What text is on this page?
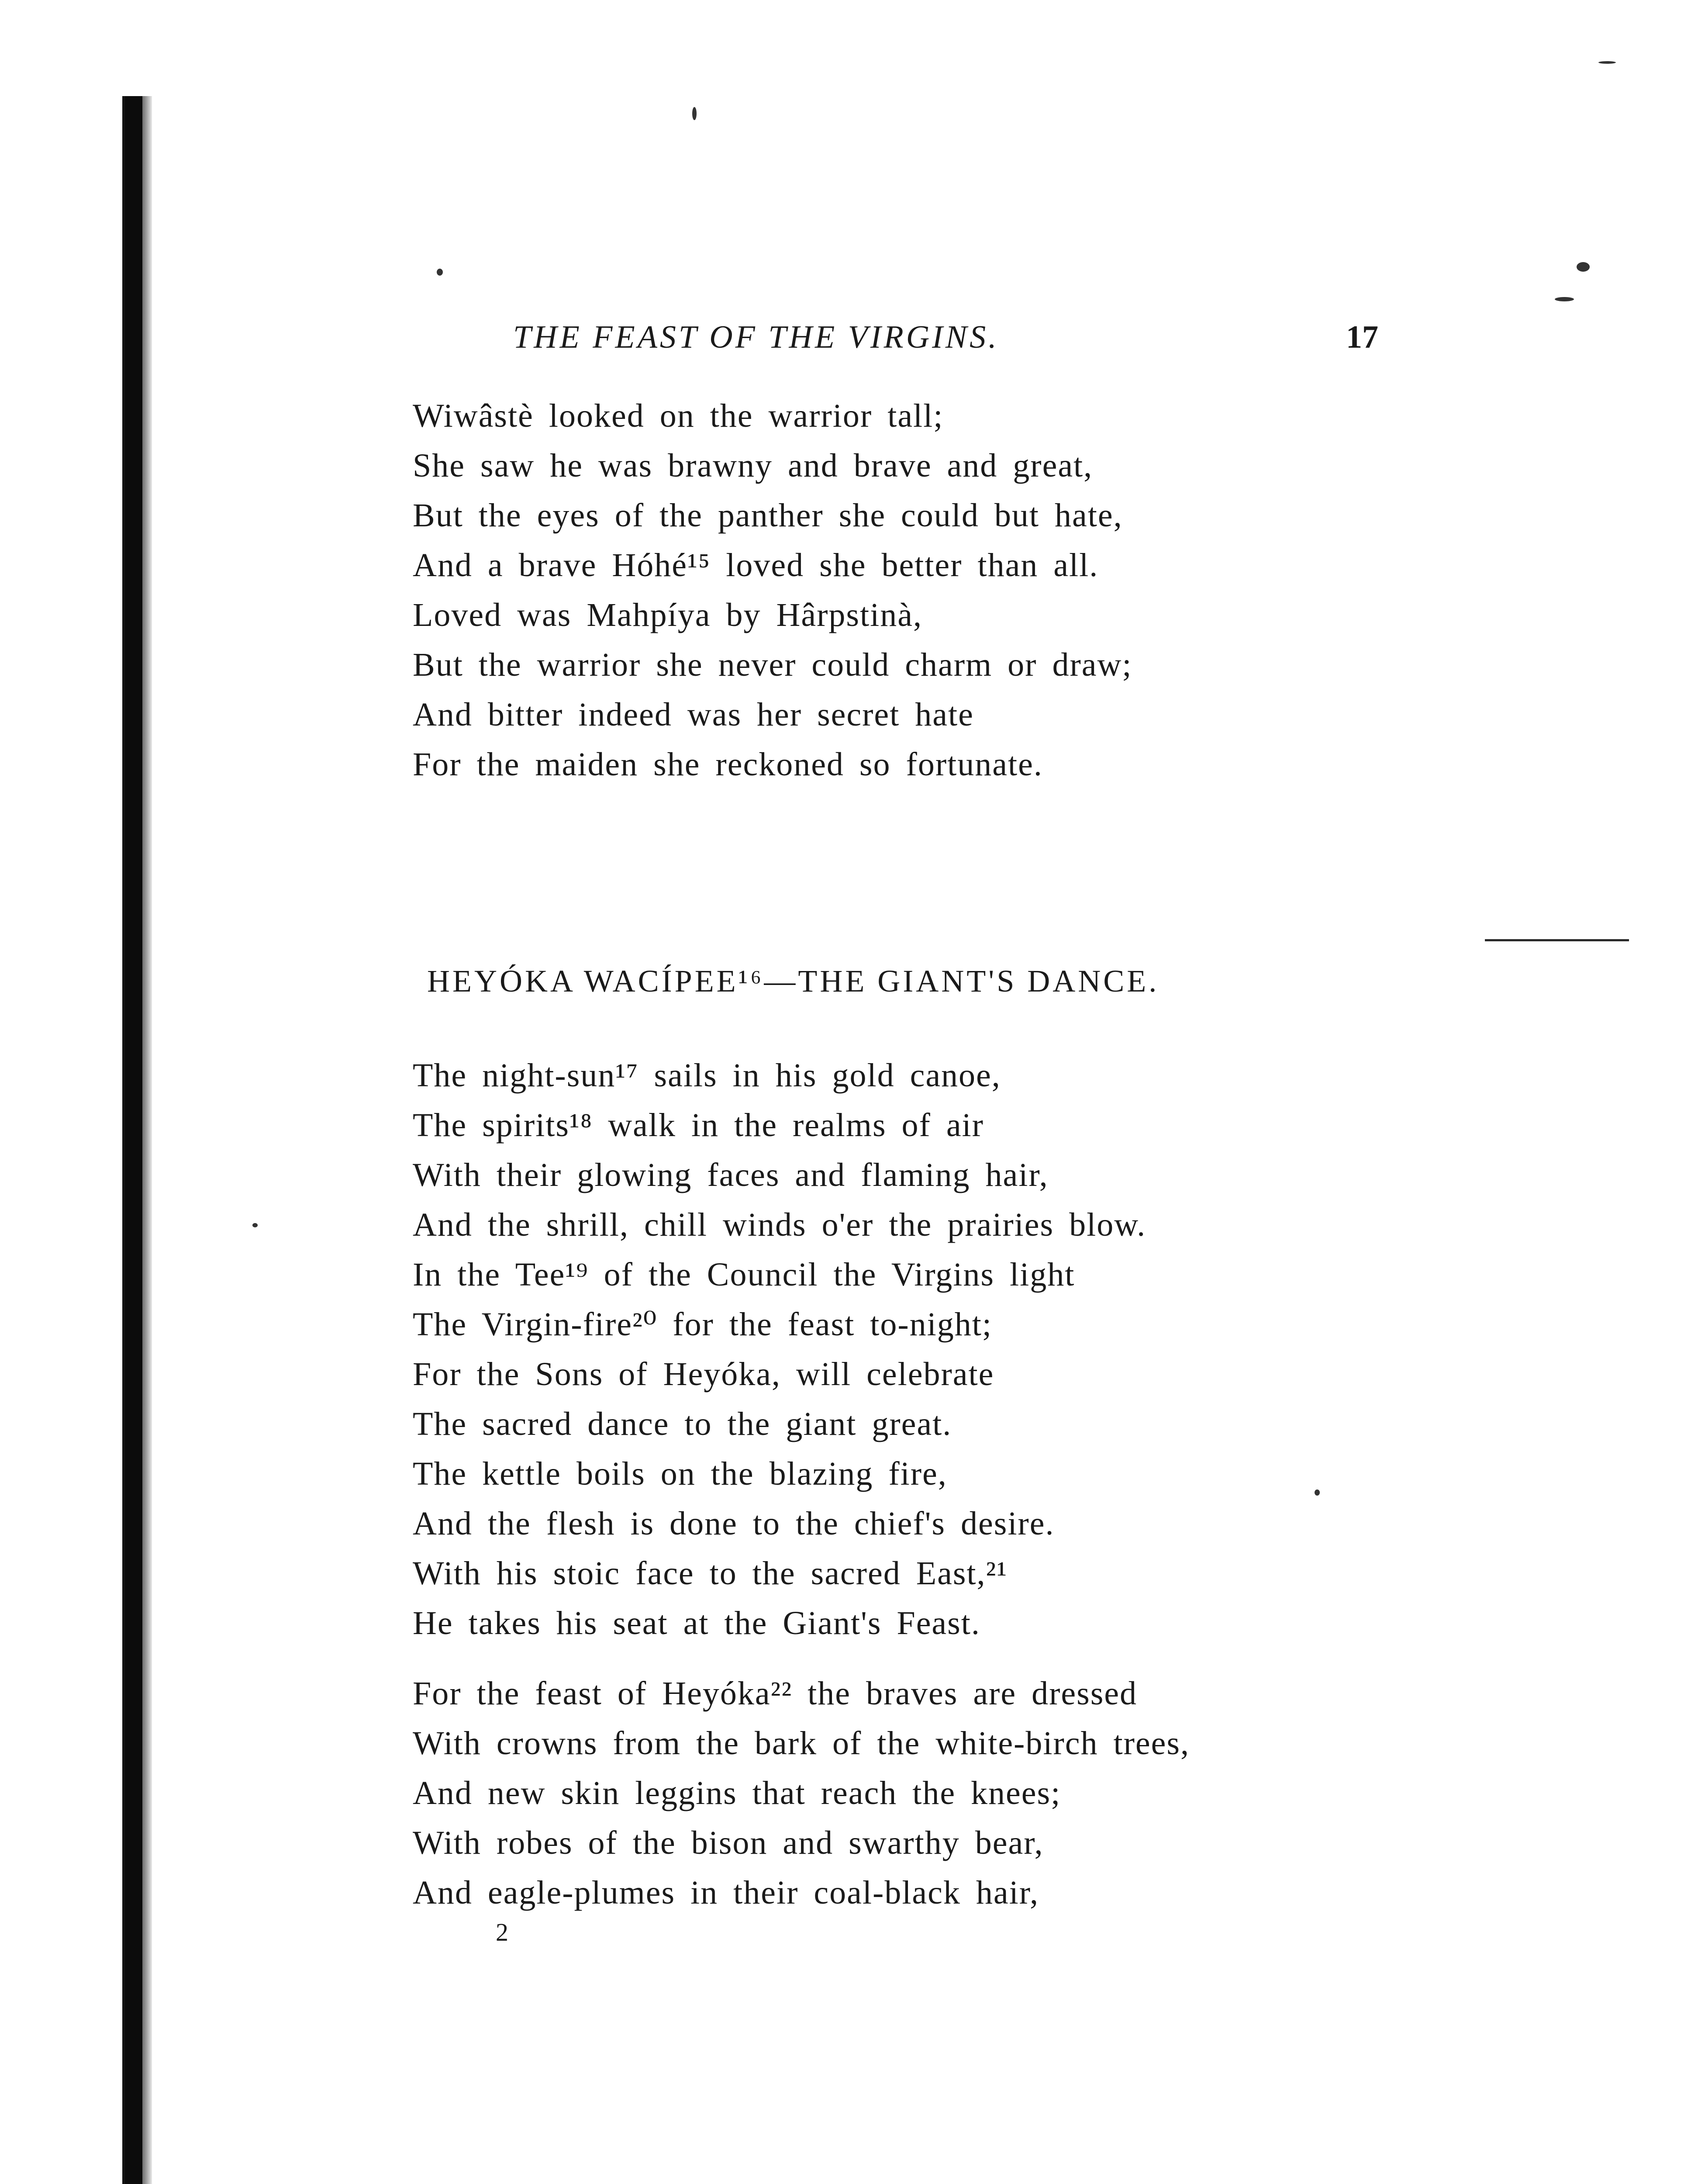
THE FEAST OF THE VIRGINS.	17
Wiwâstè looked on the warrior tall;
She saw he was brawny and brave and great,
But the eyes of the panther she could but hate,
And a brave Hóhé¹⁵ loved she better than all.
Loved was Mahpíya by Hârpstinà,
But the warrior she never could charm or draw;
And bitter indeed was her secret hate
For the maiden she reckoned so fortunate.
HEYÓKA WACÍPEE¹⁶—THE GIANT'S DANCE.
The night-sun¹⁷ sails in his gold canoe,
The spirits¹⁸ walk in the realms of air
With their glowing faces and flaming hair,
And the shrill, chill winds o'er the prairies blow.
In the Tee¹⁹ of the Council the Virgins light
The Virgin-fire²⁰ for the feast to-night;
For the Sons of Heyóka, will celebrate
The sacred dance to the giant great.
The kettle boils on the blazing fire,
And the flesh is done to the chief's desire.
With his stoic face to the sacred East,²¹
He takes his seat at the Giant's Feast.
For the feast of Heyóka²² the braves are dressed
With crowns from the bark of the white-birch trees,
And new skin leggins that reach the knees;
With robes of the bison and swarthy bear,
And eagle-plumes in their coal-black hair,
2
